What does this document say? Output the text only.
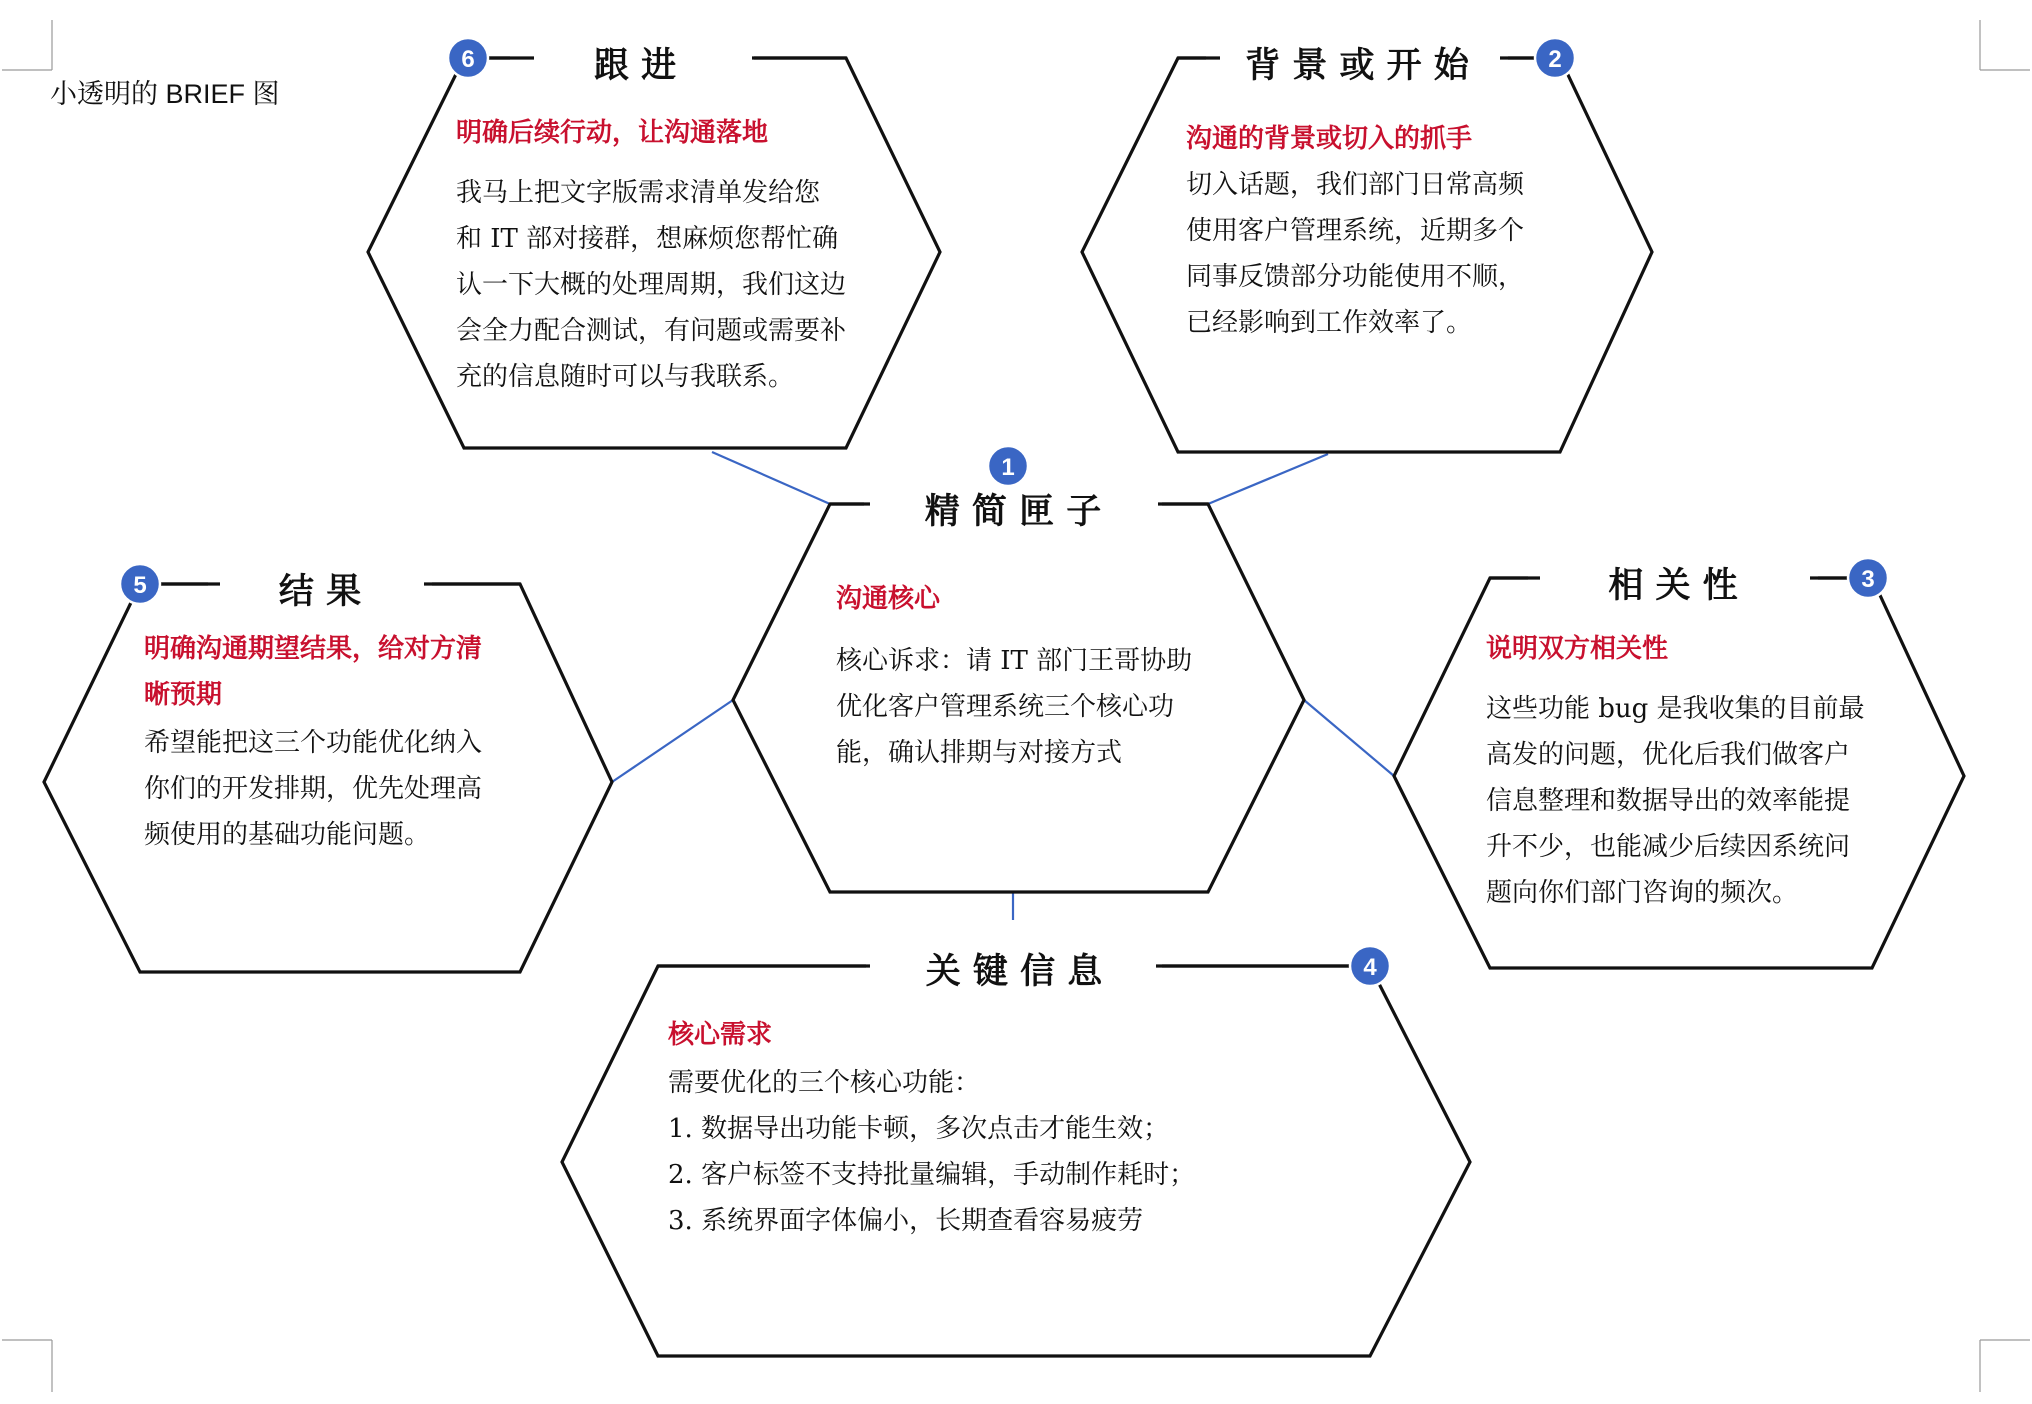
6	2
1
5	3
4
小透明的 BRIEF 图
跟 进
明确后续行动，让沟通落地
我马上把文字版需求清单发给您
和 IT 部对接群，想麻烦您帮忙确
认一下大概的处理周期，我们这边
会全力配合测试，有问题或需要补
充的信息随时可以与我联系。
背 景 或 开 始
沟通的背景或切入的抓手
切入话题，我们部门日常高频
使用客户管理系统，近期多个
同事反馈部分功能使用不顺，
已经影响到工作效率了。
精 简 匣 子
沟通核心
核心诉求：请 IT 部门王哥协助
优化客户管理系统三个核心功
能，确认排期与对接方式
结 果
明确沟通期望结果，给对方清
晰预期
希望能把这三个功能优化纳入
你们的开发排期，优先处理高
频使用的基础功能问题。
相 关 性
说明双方相关性
这些功能 bug 是我收集的目前最
高发的问题，优化后我们做客户
信息整理和数据导出的效率能提
升不少，也能减少后续因系统问
题向你们部门咨询的频次。
关 键 信 息
核心需求
需要优化的三个核心功能：
1. 数据导出功能卡顿，多次点击才能生效；
2. 客户标签不支持批量编辑，手动制作耗时；
3. 系统界面字体偏小，长期查看容易疲劳
